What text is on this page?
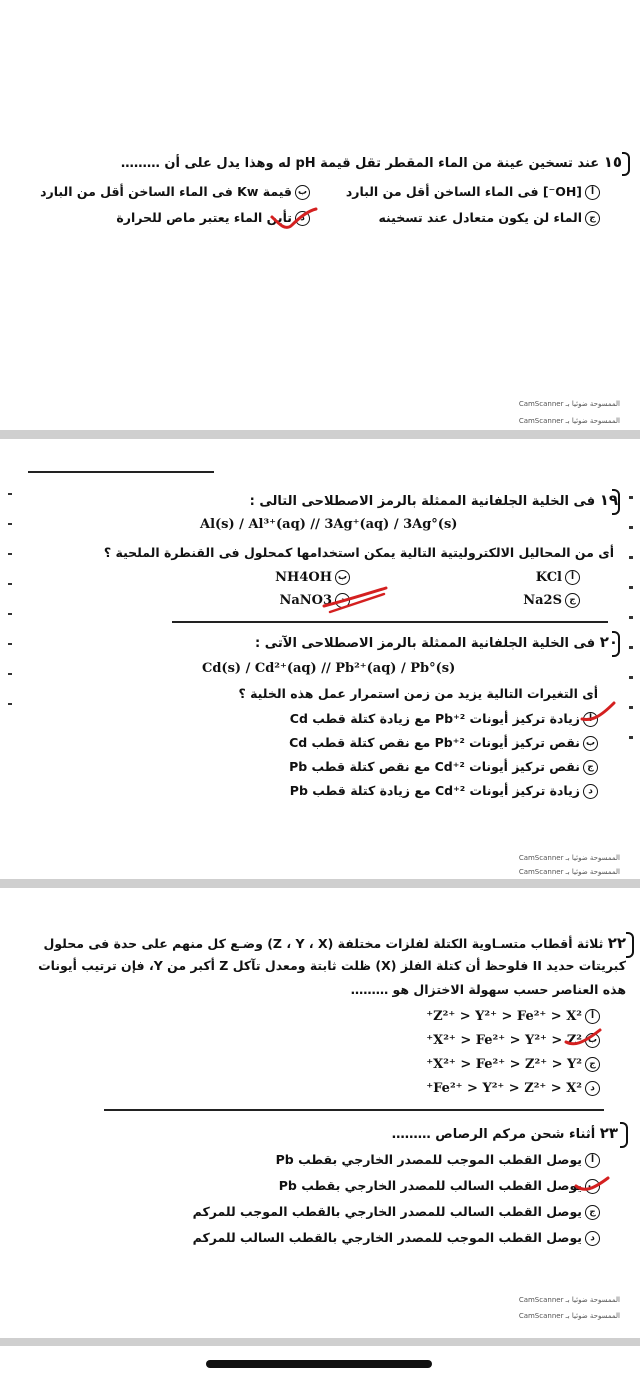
١٥ عند تسخين عينة من الماء المقطر تقل قيمة pH له وهذا يدل على أن ………
أ[OH⁻] فى الماء الساخن أقل من البارد
بقيمة Kw فى الماء الساخن أقل من البارد
جالماء لن يكون متعادل عند تسخينه
دتأين الماء يعتبر ماص للحرارة
الممسوحة ضوئيا بـ CamScanner
الممسوحة ضوئيا بـ CamScanner
١٩ فى الخلية الجلفانية الممثلة بالرمز الاصطلاحى التالى :
Al(s) / Al³⁺(aq) // 3Ag⁺(aq) / 3Ag°(s)
أى من المحاليل الالكتروليتية التالية يمكن استخدامها كمحلول فى القنطرة الملحية ؟
أKCl
بNH4OH
جNa2S
دNaNO3
٢٠ فى الخلية الجلفانية الممثلة بالرمز الاصطلاحى الآتى :
Cd(s) / Cd²⁺(aq) // Pb²⁺(aq) / Pb°(s)
أى التغيرات التالية يزيد من زمن استمرار عمل هذه الخلية ؟
أزيادة تركيز أيونات Pb⁺² مع زيادة كتلة قطب Cd
بنقص تركيز أيونات Pb⁺² مع نقص كتلة قطب Cd
جنقص تركيز أيونات Cd⁺² مع نقص كتلة قطب Pb
دزيادة تركيز أيونات Cd⁺² مع زيادة كتلة قطب Pb
الممسوحة ضوئيا بـ CamScanner
الممسوحة ضوئيا بـ CamScanner
٢٢ ثلاثة أقطاب متسـاوية الكتلة لفلزات مختلفة (Z ، Y ، X) وضـع كل منهم على حدة فى محلول
كبريتات حديد II فلوحظ أن كتلة الفلز (X) ظلت ثابتة ومعدل تآكل Z أكبر من Y، فإن ترتيب أيونات
هذه العناصر حسب سهولة الاختزال هو ………
أZ²⁺ > Y²⁺ > Fe²⁺ > X²⁺
بX²⁺ > Fe²⁺ > Y²⁺ > Z²⁺
جX²⁺ > Fe²⁺ > Z²⁺ > Y²⁺
دFe²⁺ > Y²⁺ > Z²⁺ > X²⁺
٢٣ أثناء شحن مركم الرصاص ………
أيوصل القطب الموجب للمصدر الخارجي بقطب Pb
بيوصل القطب السالب للمصدر الخارجي بقطب Pb
جيوصل القطب السالب للمصدر الخارجي بالقطب الموجب للمركم
ديوصل القطب الموجب للمصدر الخارجي بالقطب السالب للمركم
الممسوحة ضوئيا بـ CamScanner
الممسوحة ضوئيا بـ CamScanner
